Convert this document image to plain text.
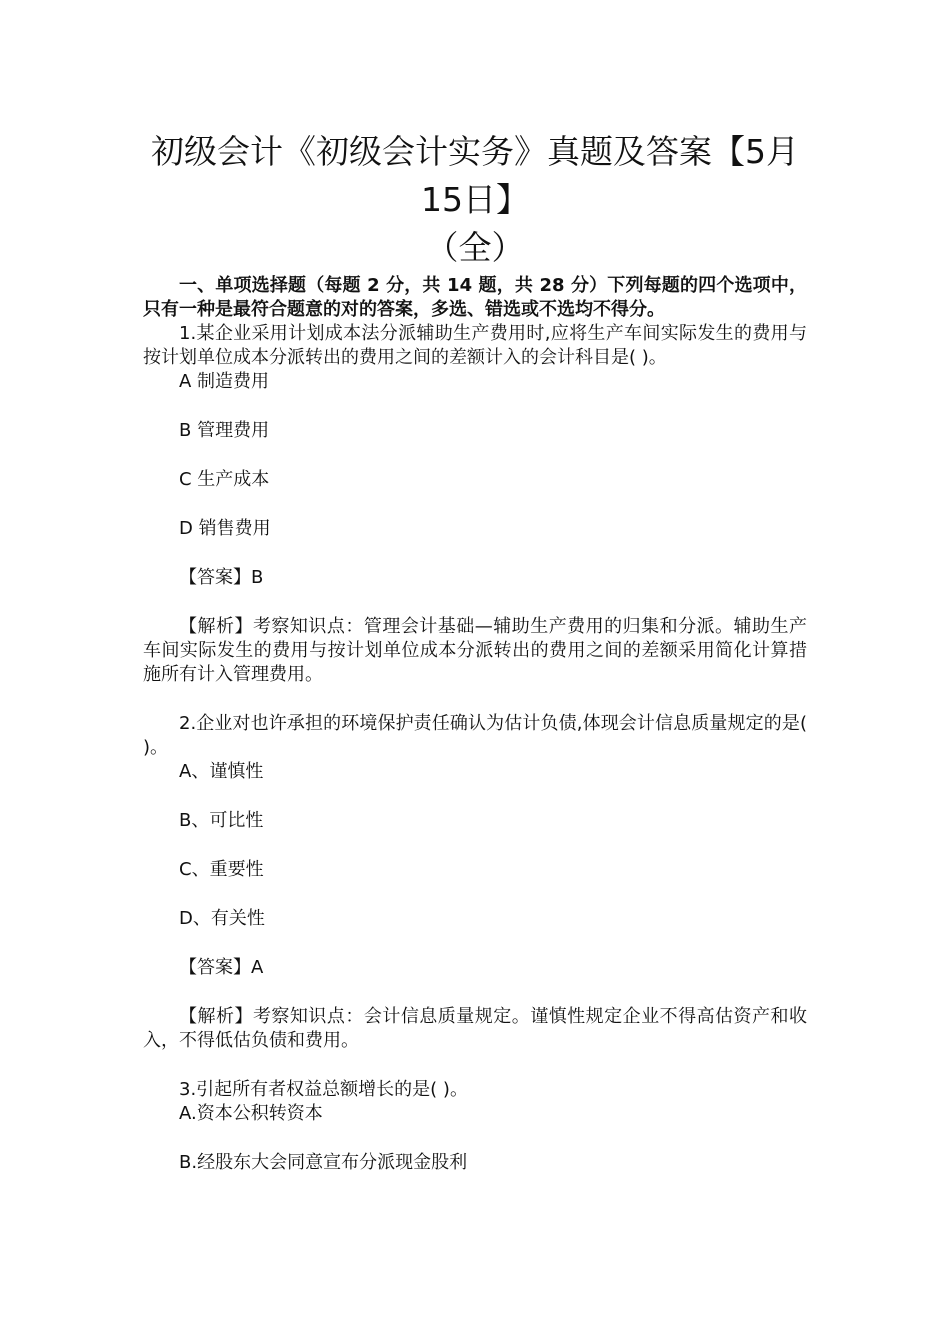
初级会计《初级会计实务》真题及答案【5月15日】
（全）

一、单项选择题（每题 2 分，共 14 题，共 28 分）下列每题的四个选项中，只有一种是最符合题意的对的答案，多选、错选或不选均不得分。

1.某企业采用计划成本法分派辅助生产费用时,应将生产车间实际发生的费用与按计划单位成本分派转出的费用之间的差额计入的会计科目是( )。

A 制造费用

B 管理费用

C 生产成本

D 销售费用

【答案】B

【解析】考察知识点：管理会计基础—辅助生产费用的归集和分派。辅助生产车间实际发生的费用与按计划单位成本分派转出的费用之间的差额采用简化计算措施所有计入管理费用。

2.企业对也许承担的环境保护责任确认为估计负债,体现会计信息质量规定的是( )。

A、谨慎性

B、可比性

C、重要性

D、有关性

【答案】A

【解析】考察知识点：会计信息质量规定。谨慎性规定企业不得高估资产和收入，不得低估负债和费用。

3.引起所有者权益总额增长的是( )。

A.资本公积转资本

B.经股东大会同意宣布分派现金股利
